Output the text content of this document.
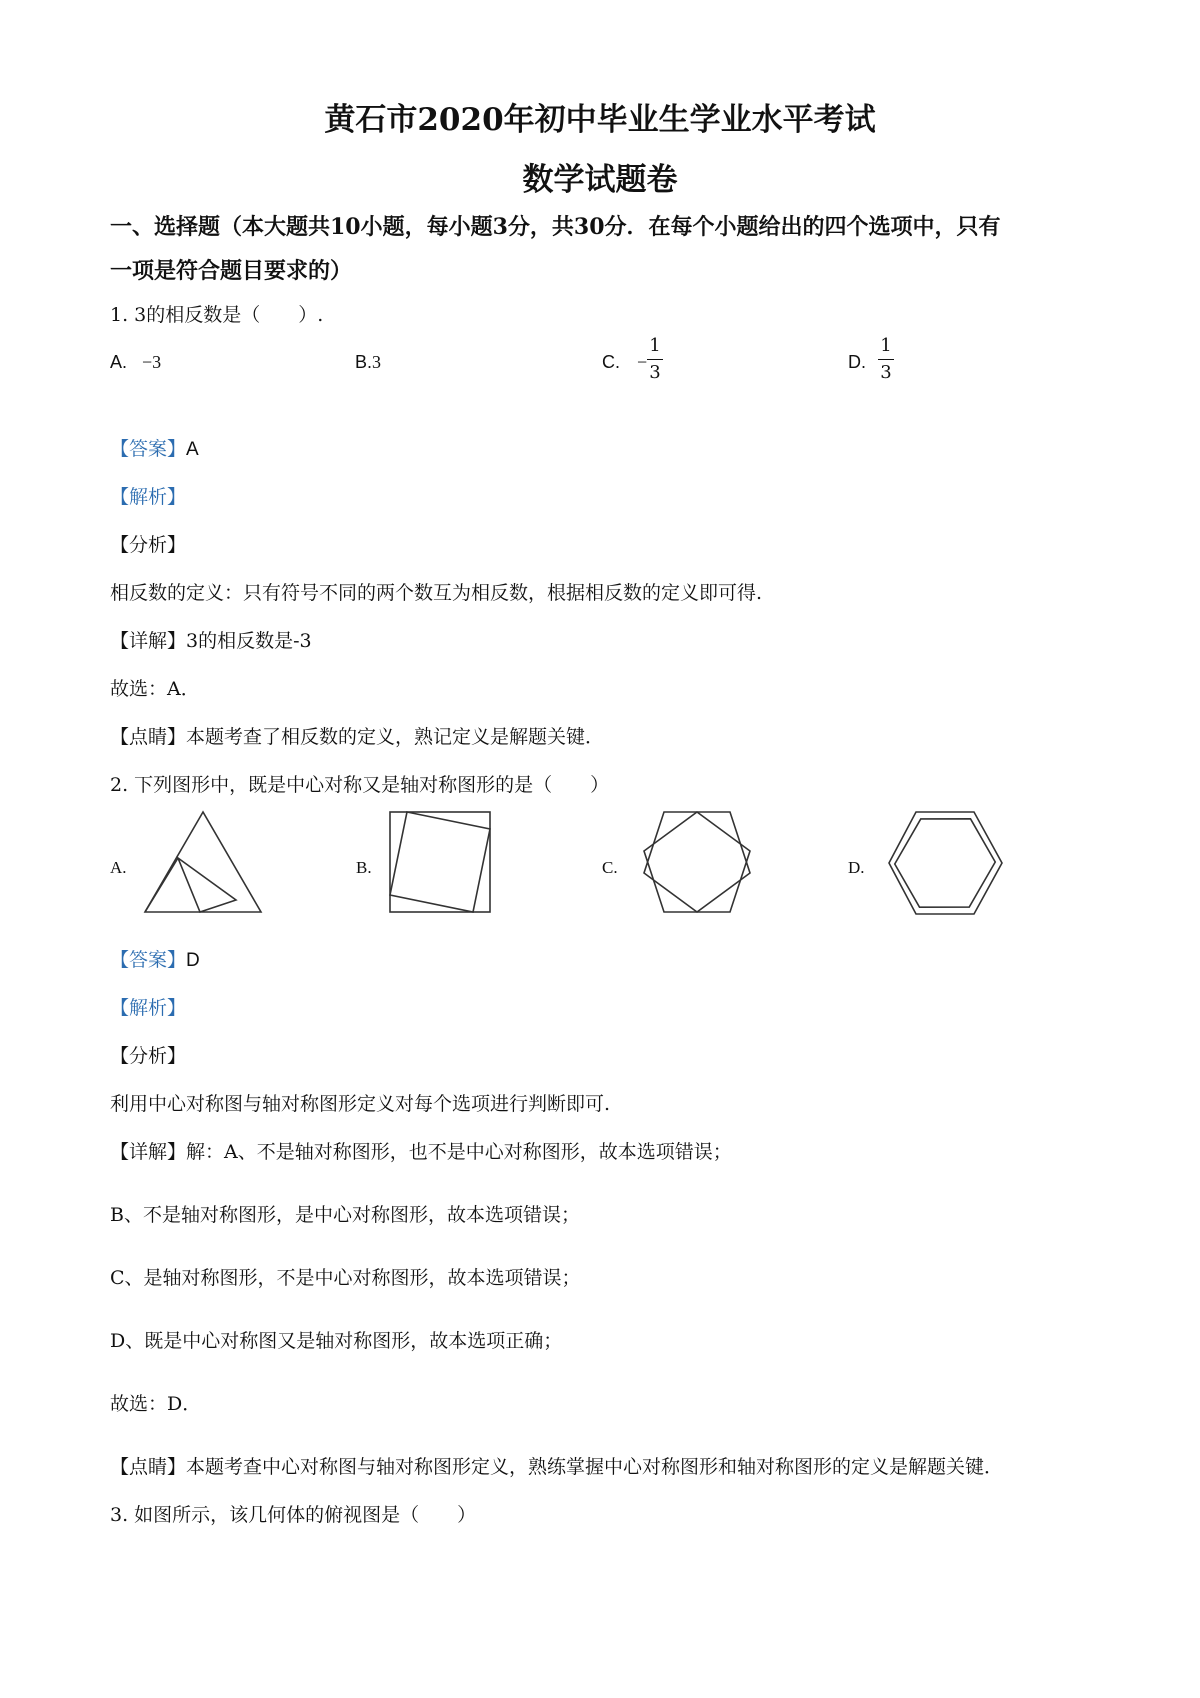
黄石市2020年初中毕业生学业水平考试
数学试题卷
一、选择题（本大题共10小题，每小题3分，共30分．在每个小题给出的四个选项中，只有
一项是符合题目要求的）
1. 3的相反数是（　　）.
A. −3	B.3	C. −
1
3	D.
1
3
【答案】A
【解析】
【分析】
相反数的定义：只有符号不同的两个数互为相反数，根据相反数的定义即可得.
【详解】3的相反数是-3
故选：A．
【点睛】本题考查了相反数的定义，熟记定义是解题关键．
2. 下列图形中，既是中心对称又是轴对称图形的是（　　）
A.	B.	C.	D.
【答案】D
【解析】
【分析】
利用中心对称图与轴对称图形定义对每个选项进行判断即可.
【详解】解：A、不是轴对称图形，也不是中心对称图形，故本选项错误；
B、不是轴对称图形，是中心对称图形，故本选项错误；
C、是轴对称图形，不是中心对称图形，故本选项错误；
D、既是中心对称图又是轴对称图形，故本选项正确；
故选：D．
【点睛】本题考查中心对称图与轴对称图形定义，熟练掌握中心对称图形和轴对称图形的定义是解题关键．
3. 如图所示，该几何体的俯视图是（　　）
